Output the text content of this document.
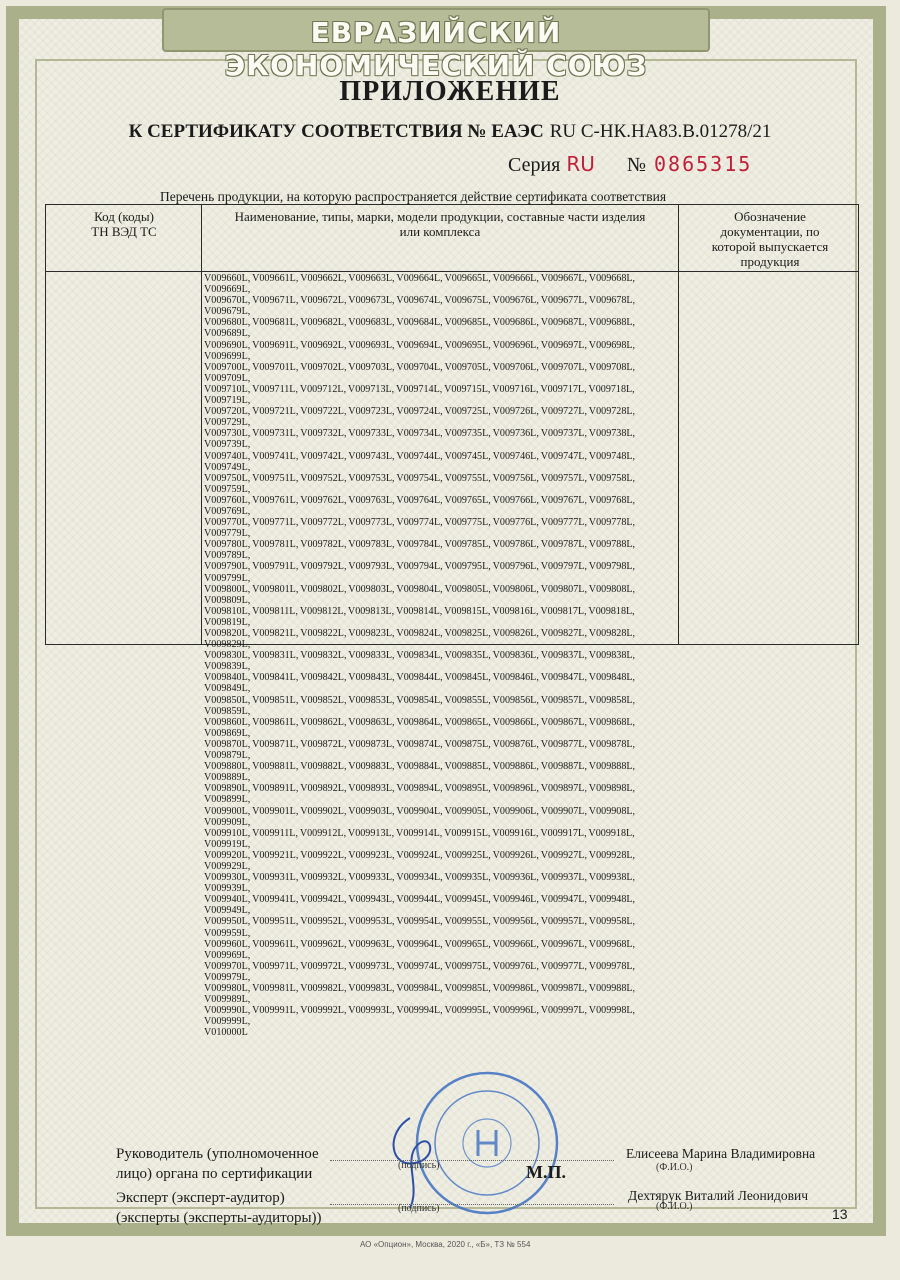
ЕВРАЗИЙСКИЙ ЭКОНОМИЧЕСКИЙ СОЮЗ
ПРИЛОЖЕНИЕ
К СЕРТИФИКАТУ СООТВЕТСТВИЯ № ЕАЭС RU С-НК.НА83.В.01278/21
Серия RU № 0865315
Перечень продукции, на которую распространяется действие сертификата соответствия
Код (коды)
ТН ВЭД ТС
Наименование, типы, марки, модели продукции, составные части изделия
или комплекса
Обозначение
документации, по
которой выпускается
продукция
V009660L, V009661L, V009662L, V009663L, V009664L, V009665L, V009666L, V009667L, V009668L, V009669L,
V009670L, V009671L, V009672L, V009673L, V009674L, V009675L, V009676L, V009677L, V009678L, V009679L,
V009680L, V009681L, V009682L, V009683L, V009684L, V009685L, V009686L, V009687L, V009688L, V009689L,
V009690L, V009691L, V009692L, V009693L, V009694L, V009695L, V009696L, V009697L, V009698L, V009699L,
V009700L, V009701L, V009702L, V009703L, V009704L, V009705L, V009706L, V009707L, V009708L, V009709L,
V009710L, V009711L, V009712L, V009713L, V009714L, V009715L, V009716L, V009717L, V009718L, V009719L,
V009720L, V009721L, V009722L, V009723L, V009724L, V009725L, V009726L, V009727L, V009728L, V009729L,
V009730L, V009731L, V009732L, V009733L, V009734L, V009735L, V009736L, V009737L, V009738L, V009739L,
V009740L, V009741L, V009742L, V009743L, V009744L, V009745L, V009746L, V009747L, V009748L, V009749L,
V009750L, V009751L, V009752L, V009753L, V009754L, V009755L, V009756L, V009757L, V009758L, V009759L,
V009760L, V009761L, V009762L, V009763L, V009764L, V009765L, V009766L, V009767L, V009768L, V009769L,
V009770L, V009771L, V009772L, V009773L, V009774L, V009775L, V009776L, V009777L, V009778L, V009779L,
V009780L, V009781L, V009782L, V009783L, V009784L, V009785L, V009786L, V009787L, V009788L, V009789L,
V009790L, V009791L, V009792L, V009793L, V009794L, V009795L, V009796L, V009797L, V009798L, V009799L,
V009800L, V009801L, V009802L, V009803L, V009804L, V009805L, V009806L, V009807L, V009808L, V009809L,
V009810L, V009811L, V009812L, V009813L, V009814L, V009815L, V009816L, V009817L, V009818L, V009819L,
V009820L, V009821L, V009822L, V009823L, V009824L, V009825L, V009826L, V009827L, V009828L, V009829L,
V009830L, V009831L, V009832L, V009833L, V009834L, V009835L, V009836L, V009837L, V009838L, V009839L,
V009840L, V009841L, V009842L, V009843L, V009844L, V009845L, V009846L, V009847L, V009848L, V009849L,
V009850L, V009851L, V009852L, V009853L, V009854L, V009855L, V009856L, V009857L, V009858L, V009859L,
V009860L, V009861L, V009862L, V009863L, V009864L, V009865L, V009866L, V009867L, V009868L, V009869L,
V009870L, V009871L, V009872L, V009873L, V009874L, V009875L, V009876L, V009877L, V009878L, V009879L,
V009880L, V009881L, V009882L, V009883L, V009884L, V009885L, V009886L, V009887L, V009888L, V009889L,
V009890L, V009891L, V009892L, V009893L, V009894L, V009895L, V009896L, V009897L, V009898L, V009899L,
V009900L, V009901L, V009902L, V009903L, V009904L, V009905L, V009906L, V009907L, V009908L, V009909L,
V009910L, V009911L, V009912L, V009913L, V009914L, V009915L, V009916L, V009917L, V009918L, V009919L,
V009920L, V009921L, V009922L, V009923L, V009924L, V009925L, V009926L, V009927L, V009928L, V009929L,
V009930L, V009931L, V009932L, V009933L, V009934L, V009935L, V009936L, V009937L, V009938L, V009939L,
V009940L, V009941L, V009942L, V009943L, V009944L, V009945L, V009946L, V009947L, V009948L, V009949L,
V009950L, V009951L, V009952L, V009953L, V009954L, V009955L, V009956L, V009957L, V009958L, V009959L,
V009960L, V009961L, V009962L, V009963L, V009964L, V009965L, V009966L, V009967L, V009968L, V009969L,
V009970L, V009971L, V009972L, V009973L, V009974L, V009975L, V009976L, V009977L, V009978L, V009979L,
V009980L, V009981L, V009982L, V009983L, V009984L, V009985L, V009986L, V009987L, V009988L, V009989L,
V009990L, V009991L, V009992L, V009993L, V009994L, V009995L, V009996L, V009997L, V009998L, V009999L,
V010000L
Руководитель (уполномоченное
лицо) органа по сертификации
(подпись)	М.П.
Елисеева Марина Владимировна
(Ф.И.О.)
Эксперт (эксперт-аудитор)
(эксперты (эксперты-аудиторы))
(подпись)
Дехтярук Виталий Леонидович
(Ф.И.О.)	13
АО «Опцион», Москва, 2020 г., «Б», ТЗ № 554
